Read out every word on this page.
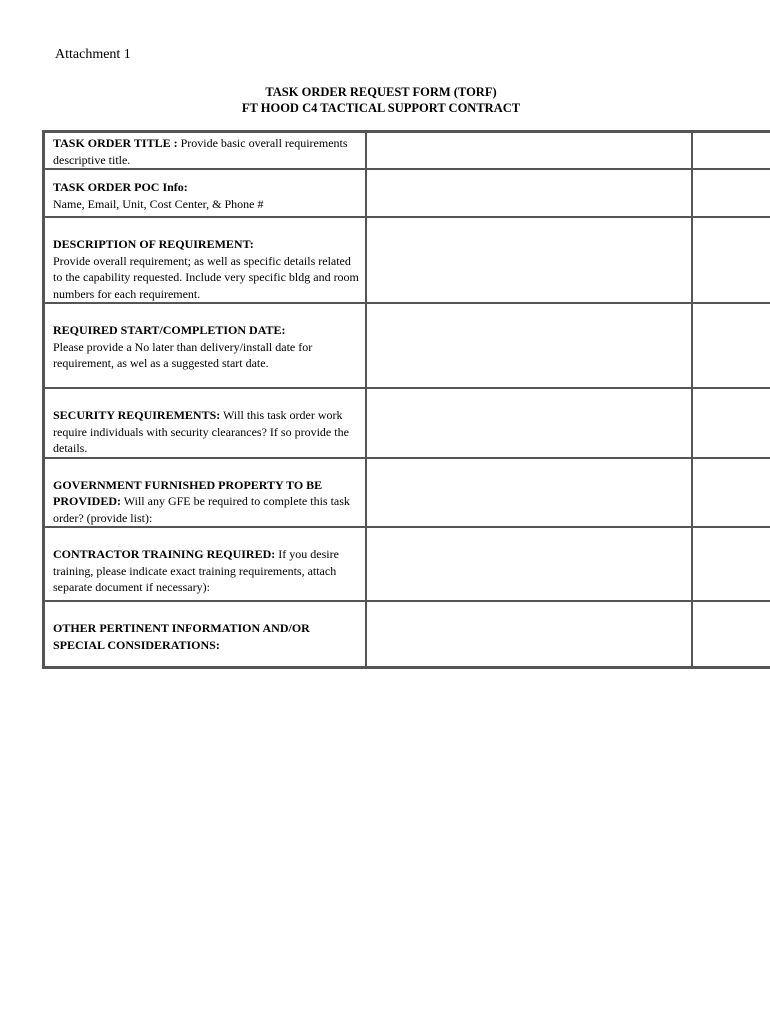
Attachment 1
TASK ORDER REQUEST FORM (TORF)
FT HOOD C4 TACTICAL SUPPORT CONTRACT
TASK ORDER TITLE : Provide basic overall requirements descriptive title.		

TASK ORDER POC Info:
Name, Email, Unit, Cost Center, & Phone #		

DESCRIPTION OF REQUIREMENT:
Provide overall requirement; as well as specific details related to the capability requested. Include very specific bldg and room numbers for each requirement.		

REQUIRED START/COMPLETION DATE:
Please provide a No later than delivery/install date for requirement, as wel as a suggested start date.		

SECURITY REQUIREMENTS: Will this task order work require individuals with security clearances? If so provide the details.		

GOVERNMENT FURNISHED PROPERTY TO BE PROVIDED: Will any GFE be required to complete this task order? (provide list):		

CONTRACTOR TRAINING REQUIRED: If you desire training, please indicate exact training requirements, attach separate document if necessary):		

OTHER PERTINENT INFORMATION AND/OR SPECIAL CONSIDERATIONS:		
